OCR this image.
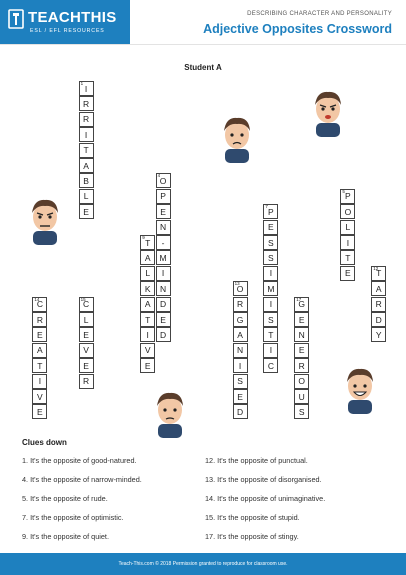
TEACHTHIS
ESL / EFL RESOURCES
DESCRIBING CHARACTER AND PERSONALITY
Adjective Opposites Crossword
Student A
1 I
R
R
I
T
A
B
L
E
4 O
P
E
N
-
M
I
N
D
E
D
5 P
O
L
I
T
E
7 P
E
S
S
I
M
I
S
T
I
C
9 T
A
L
K
A
T
I
V
E
12
T
A
R
D
Y
13
O
R
G
A
N
I
S
E
D
14
C
R
E
A
T
I
V
E
15
C
L
E
V
E
R
17
G
E
N
E
R
O
U
S
Clues down
1. It's the opposite of good-natured.
4. It's the opposite of narrow-minded.
5. It's the opposite of rude.
7. It's the opposite of optimistic.
9. It's the opposite of quiet.
12. It's the opposite of punctual.
13. It's the opposite of disorganised.
14. It's the opposite of unimaginative.
15. It's the opposite of stupid.
17. It's the opposite of stingy.
Teach-This.com © 2018 Permission granted to reproduce for classroom use.
